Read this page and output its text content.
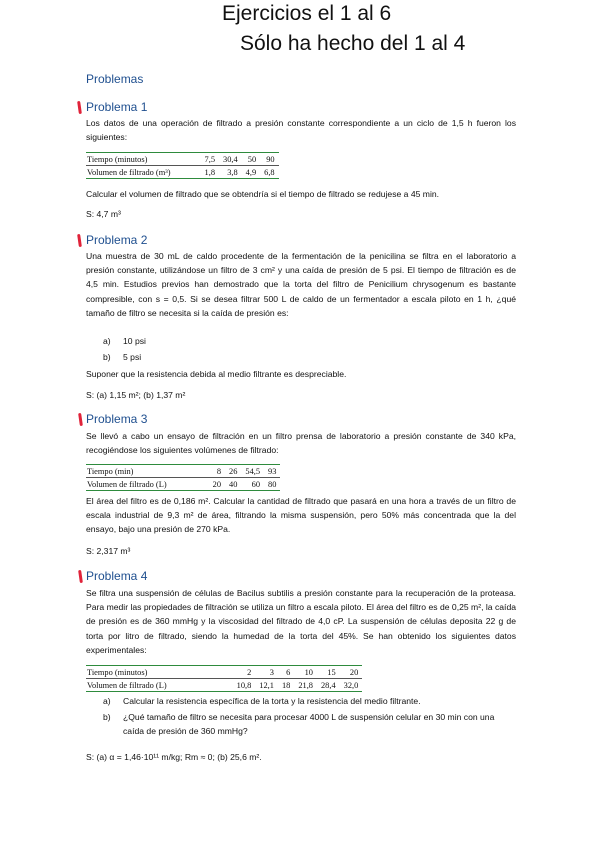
Ejercicios el 1 al 6
Sólo ha hecho del 1 al 4
Problemas
Problema 1
Los datos de una operación de filtrado a presión constante correspondiente a un ciclo de 1,5 h fueron los siguientes:
Tiempo (minutos)	7,5	30,4	50	90
Volumen de filtrado (m³)	1,8	3,8	4,9	6,8
Calcular el volumen de filtrado que se obtendría si el tiempo de filtrado se redujese a 45 min.
S: 4,7 m³
Problema 2
Una muestra de 30 mL de caldo procedente de la fermentación de la penicilina se filtra en el laboratorio a presión constante, utilizándose un filtro de 3 cm² y una caída de presión de 5 psi. El tiempo de filtración es de 4,5 min. Estudios previos han demostrado que la torta del filtro de Penicilium chrysogenum es bastante compresible, con s = 0,5. Si se desea filtrar 500 L de caldo de un fermentador a escala piloto en 1 h, ¿qué tamaño de filtro se necesita si la caída de presión es:
a) 10 psi
b) 5 psi
Suponer que la resistencia debida al medio filtrante es despreciable.
S: (a) 1,15 m²; (b) 1,37 m²
Problema 3
Se llevó a cabo un ensayo de filtración en un filtro prensa de laboratorio a presión constante de 340 kPa, recogiéndose los siguientes volúmenes de filtrado:
Tiempo (min)	8	26	54,5	93
Volumen de filtrado (L)	20	40	60	80
El área del filtro es de 0,186 m². Calcular la cantidad de filtrado que pasará en una hora a través de un filtro de escala industrial de 9,3 m² de área, filtrando la misma suspensión, pero 50% más concentrada que la del ensayo, bajo una presión de 270 kPa.
S: 2,317 m³
Problema 4
Se filtra una suspensión de células de Bacilus subtilis a presión constante para la recuperación de la proteasa. Para medir las propiedades de filtración se utiliza un filtro a escala piloto. El área del filtro es de 0,25 m², la caída de presión es de 360 mmHg y la viscosidad del filtrado de 4,0 cP. La suspensión de células deposita 22 g de torta por litro de filtrado, siendo la humedad de la torta del 45%. Se han obtenido los siguientes datos experimentales:
Tiempo (minutos)	2	3	6	10	15	20
Volumen de filtrado (L)	10,8	12,1	18	21,8	28,4	32,0
a) Calcular la resistencia específica de la torta y la resistencia del medio filtrante.
b) ¿Qué tamaño de filtro se necesita para procesar 4000 L de suspensión celular en 30 min con una caída de presión de 360 mmHg?
S: (a) α = 1,46·10¹¹ m/kg; Rm ≈ 0; (b) 25,6 m².
